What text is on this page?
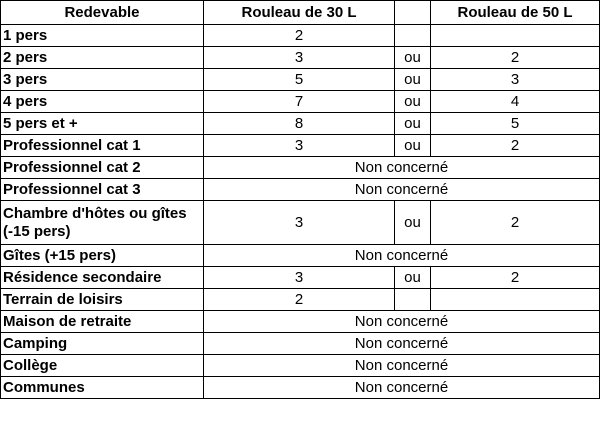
Redevable	Rouleau de 30 L		Rouleau de 50 L
1 pers	2		
2 pers	3	ou	2
3 pers	5	ou	3
4 pers	7	ou	4
5 pers et +	8	ou	5
Professionnel cat 1	3	ou	2
Professionnel cat 2	Non concerné		
Professionnel cat 3	Non concerné		
Chambre d'hôtes ou gîtes (-15 pers)	3	ou	2
Gîtes (+15 pers)	Non concerné		
Résidence secondaire	3	ou	2
Terrain de loisirs	2		
Maison de retraite	Non concerné		
Camping	Non concerné		
Collège	Non concerné		
Communes	Non concerné		
